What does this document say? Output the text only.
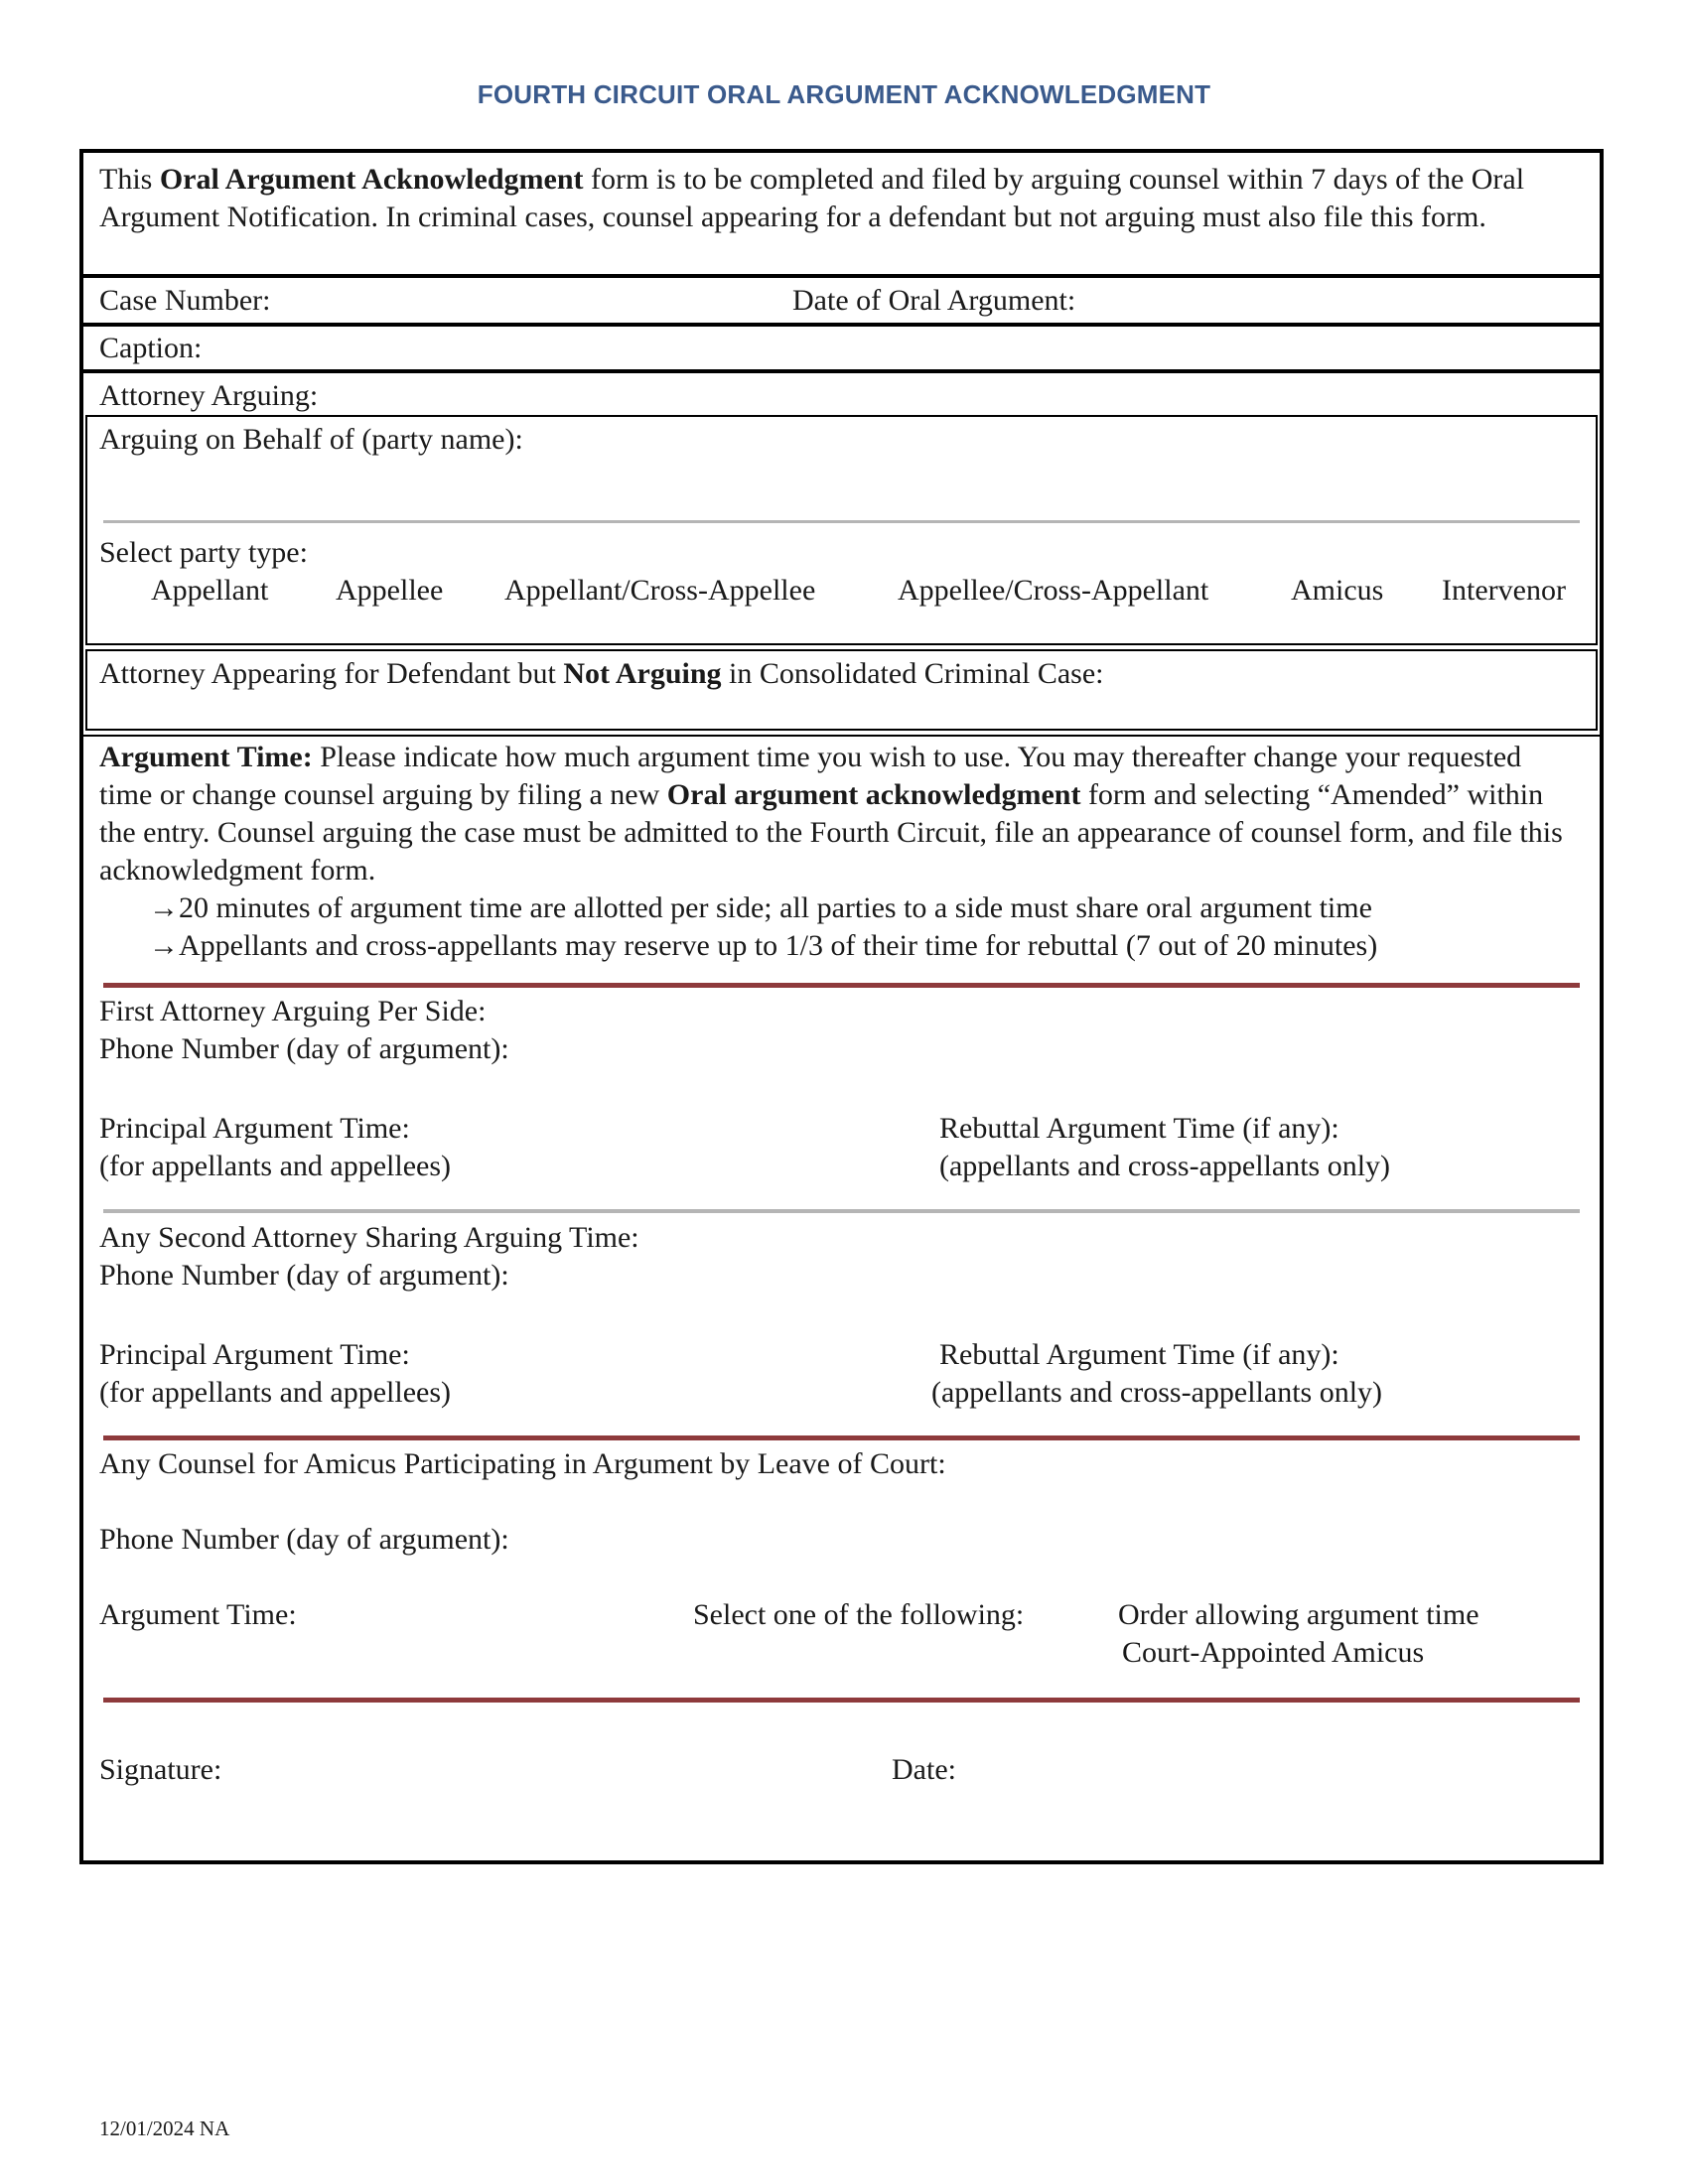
FOURTH CIRCUIT ORAL ARGUMENT ACKNOWLEDGMENT
This Oral Argument Acknowledgment form is to be completed and filed by arguing counsel within 7 days of the Oral Argument Notification. In criminal cases, counsel appearing for a defendant but not arguing must also file this form.
Case Number:	Date of Oral Argument:
Caption:
Attorney Arguing:
Arguing on Behalf of (party name):
Select party type:
Appellant Appellee Appellant/Cross-Appellee	Appellee/Cross-Appellant	Amicus Intervenor
Attorney Appearing for Defendant but Not Arguing in Consolidated Criminal Case:
Argument Time: Please indicate how much argument time you wish to use. You may thereafter change your requested time or change counsel arguing by filing a new Oral argument acknowledgment form and selecting “Amended” within the entry. Counsel arguing the case must be admitted to the Fourth Circuit, file an appearance of counsel form, and file this acknowledgment form.
→20 minutes of argument time are allotted per side; all parties to a side must share oral argument time
→Appellants and cross-appellants may reserve up to 1/3 of their time for rebuttal (7 out of 20 minutes)
First Attorney Arguing Per Side:
Phone Number (day of argument):
Principal Argument Time:
(for appellants and appellees)
Rebuttal Argument Time (if any):
(appellants and cross-appellants only)
Any Second Attorney Sharing Arguing Time:
Phone Number (day of argument):
Principal Argument Time:
(for appellants and appellees)
Rebuttal Argument Time (if any):
(appellants and cross-appellants only)
Any Counsel for Amicus Participating in Argument by Leave of Court:
Phone Number (day of argument):
Argument Time:	Select one of the following:	Order allowing argument time
Court-Appointed Amicus
Signature:	Date:
12/01/2024 NA
